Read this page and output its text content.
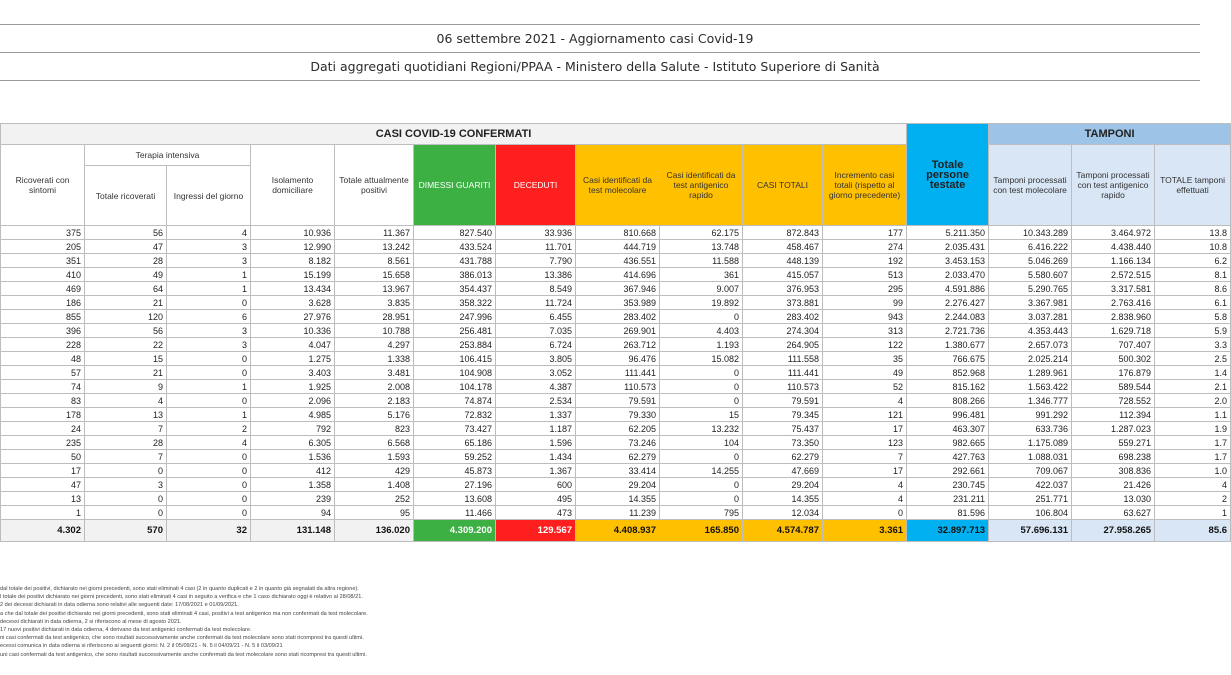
06 settembre 2021 - Aggiornamento casi Covid-19
Dati aggregati quotidiani Regioni/PPAA - Ministero della Salute - Istituto Superiore di Sanità
CASI COVID-19 CONFERMATI											Totale persone testate	TAMPONI		
Ricoverati con sintomi	Terapia intensiva		Isolamento domiciliare	Totale attualmente positivi	DIMESSI GUARITI	DECEDUTI	Casi identificati da test molecolare	Casi identificati da test antigenico rapido	CASI TOTALI	Incremento casi totali (rispetto al giorno precedente)		Tamponi processati con test molecolare	Tamponi processati con test antigenico rapido	TOTALE tamponi effettuati
	Totale ricoverati	Ingressi del giorno												
375	56	4	10.936	11.367	827.540	33.936	810.668	62.175	872.843	177	5.211.350	10.343.289	3.464.972	13.8
205	47	3	12.990	13.242	433.524	11.701	444.719	13.748	458.467	274	2.035.431	6.416.222	4.438.440	10.8
351	28	3	8.182	8.561	431.788	7.790	436.551	11.588	448.139	192	3.453.153	5.046.269	1.166.134	6.2
410	49	1	15.199	15.658	386.013	13.386	414.696	361	415.057	513	2.033.470	5.580.607	2.572.515	8.1
469	64	1	13.434	13.967	354.437	8.549	367.946	9.007	376.953	295	4.591.886	5.290.765	3.317.581	8.6
186	21	0	3.628	3.835	358.322	11.724	353.989	19.892	373.881	99	2.276.427	3.367.981	2.763.416	6.1
855	120	6	27.976	28.951	247.996	6.455	283.402	0	283.402	943	2.244.083	3.037.281	2.838.960	5.8
396	56	3	10.336	10.788	256.481	7.035	269.901	4.403	274.304	313	2.721.736	4.353.443	1.629.718	5.9
228	22	3	4.047	4.297	253.884	6.724	263.712	1.193	264.905	122	1.380.677	2.657.073	707.407	3.3
48	15	0	1.275	1.338	106.415	3.805	96.476	15.082	111.558	35	766.675	2.025.214	500.302	2.5
57	21	0	3.403	3.481	104.908	3.052	111.441	0	111.441	49	852.968	1.289.961	176.879	1.4
74	9	1	1.925	2.008	104.178	4.387	110.573	0	110.573	52	815.162	1.563.422	589.544	2.1
83	4	0	2.096	2.183	74.874	2.534	79.591	0	79.591	4	808.266	1.346.777	728.552	2.0
178	13	1	4.985	5.176	72.832	1.337	79.330	15	79.345	121	996.481	991.292	112.394	1.1
24	7	2	792	823	73.427	1.187	62.205	13.232	75.437	17	463.307	633.736	1.287.023	1.9
235	28	4	6.305	6.568	65.186	1.596	73.246	104	73.350	123	982.665	1.175.089	559.271	1.7
50	7	0	1.536	1.593	59.252	1.434	62.279	0	62.279	7	427.763	1.088.031	698.238	1.7
17	0	0	412	429	45.873	1.367	33.414	14.255	47.669	17	292.661	709.067	308.836	1.0
47	3	0	1.358	1.408	27.196	600	29.204	0	29.204	4	230.745	422.037	21.426	4
13	0	0	239	252	13.608	495	14.355	0	14.355	4	231.211	251.771	13.030	2
1	0	0	94	95	11.466	473	11.239	795	12.034	0	81.596	106.804	63.627	1
4.302	570	32	131.148	136.020	4.309.200	129.567	4.408.937	165.850	4.574.787	3.361	32.897.713	57.696.131	27.958.265	85.6
dal totale dei positivi, dichiarato nei giorni precedenti, sono stati eliminati 4 casi (2 in quanto duplicati e 2 in quanto già segnalati da altra regione).
l totale dei positivi dichiarato nei giorni precedenti, sono stati eliminati 4 casi in seguito a verifica e che 1 caso dichiarato oggi è relativo al 28/08/21.
2 dei decessi dichiarati in data odierna sono relativi alle seguenti date: 17/08/2021 e 01/09/2021.
a che dal totale dei positivi dichiarato nei giorni precedenti, sono stati eliminati 4 casi, positivi a test antigenico ma non confermati da test molecolare.
decessi dichiarati in data odierna, 2 si riferiscono al mese di agosto 2021.
17 nuovi positivi dichiarati in data odierna, 4 derivano da test antigenici confermati da test molecolare.
ni casi confermati da test antigenico, che sono risultati successivamente anche confermati da test molecolare sono stati ricompresi tra questi ultimi.
ecessi comunica in data odierna si riferiscono ai seguenti giorni: N. 2 il 05/09/21 - N. 5 il 04/09/21 - N. 5 il 03/09/21
uni casi confermati da test antigenico, che sono risultati successivamente anche confermati da test molecolare sono stati ricompresi tra questi ultimi.
